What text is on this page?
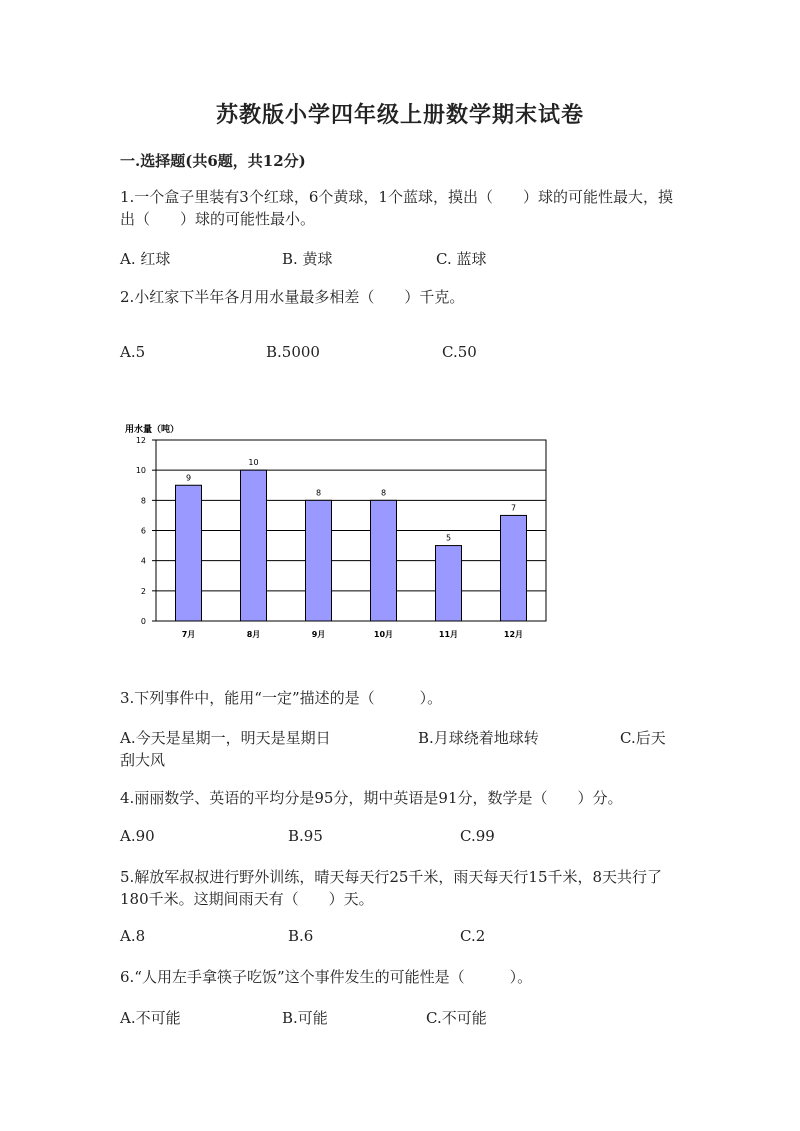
苏教版小学四年级上册数学期末试卷
一.选择题(共6题，共12分)
1.一个盒子里装有3个红球，6个黄球，1个蓝球，摸出（　　）球的可能性最大，摸出（　　）球的可能性最小。
A. 红球	B. 黄球	C. 蓝球
2.小红家下半年各月用水量最多相差（　　）千克。
A.5	B.5000	C.50
用水量（吨）
0
2
4
6
8
10
12
9
7月
10
8月
8
9月
8
10月
5
11月
7
12月
3.下列事件中，能用“一定”描述的是（　　　）。
A.今天是星期一，明天是星期日	B.月球绕着地球转	C.后天
刮大风
4.丽丽数学、英语的平均分是95分，期中英语是91分，数学是（　　）分。
A.90	B.95	C.99
5.解放军叔叔进行野外训练，晴天每天行25千米，雨天每天行15千米，8天共行了180千米。这期间雨天有（　　）天。
A.8	B.6	C.2
6.“人用左手拿筷子吃饭”这个事件发生的可能性是（　　　）。
A.不可能	B.可能	C.不可能
